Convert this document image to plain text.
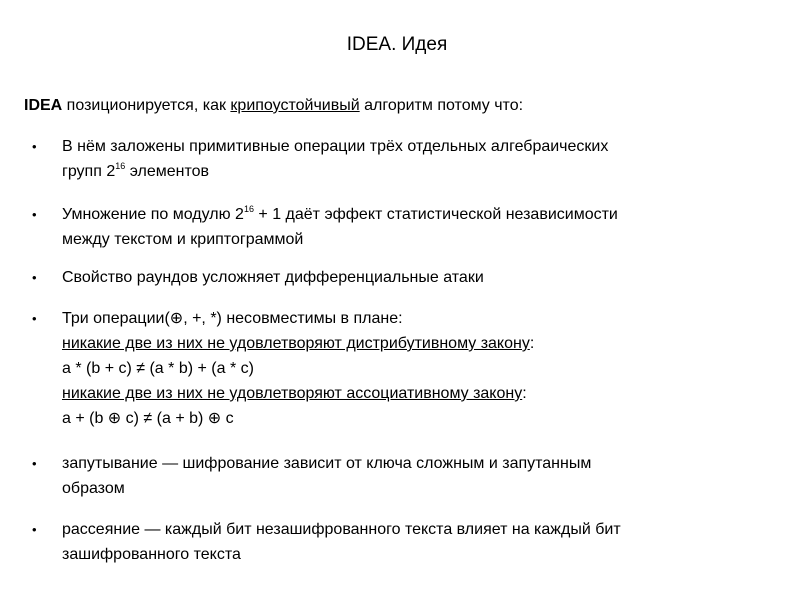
IDEA. Идея
IDEA позиционируется, как крипоустойчивый алгоритм потому что:
• В нём заложены примитивные операции трёх отдельных алгебраических
групп $2^{16}$ элементов
• Умножение по модулю $2^{16} + 1$ даёт эффект статистической независимости
между текстом и криптограммой
• Свойство раундов усложняет дифференциальные атаки
• Три операции(⊕, +, *) несовместимы в плане:
никакие две из них не удовлетворяют дистрибутивному закону:
a * (b + c) ≠ (a * b) + (a * c)
никакие две из них не удовлетворяют ассоциативному закону:
a + (b ⊕ c) ≠ (a + b) ⊕ c
• запутывание — шифрование зависит от ключа сложным и запутанным
образом
• рассеяние — каждый бит незашифрованного текста влияет на каждый бит
зашифрованного текста
